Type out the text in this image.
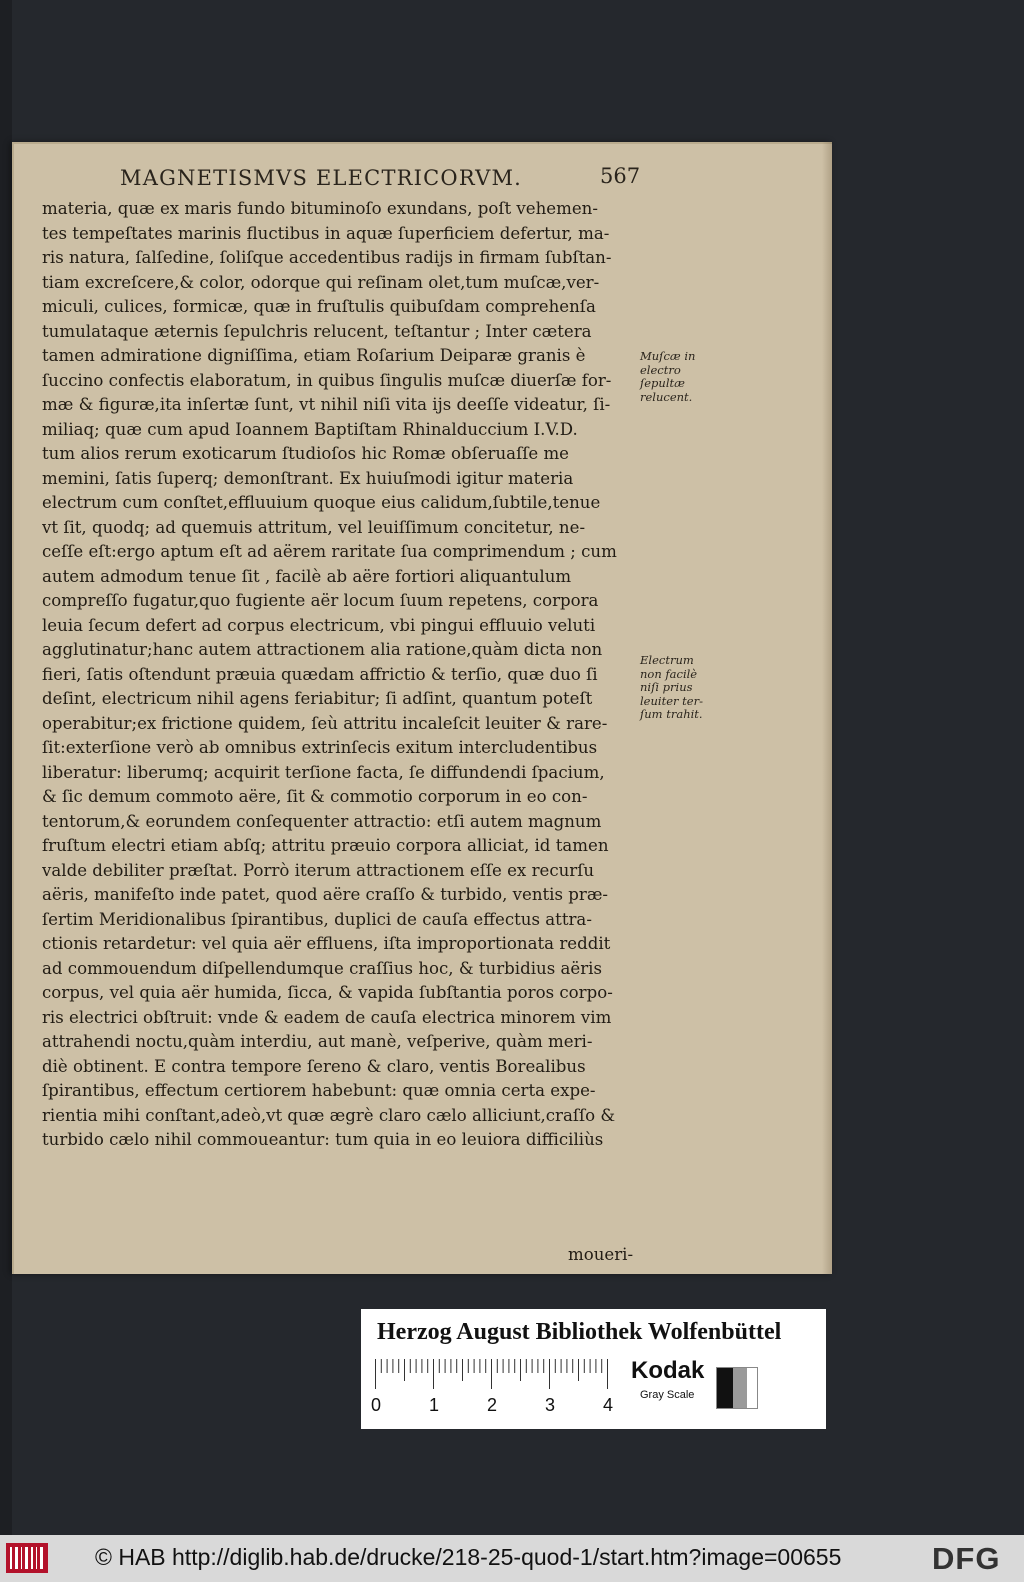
MAGNETISMVS ELECTRICORVM.	567
materia, quæ ex maris fundo bituminoſo exundans, poſt vehemen-
tes tempeſtates marinis fluctibus in aquæ ſuperficiem defertur, ma-
ris natura, ſalſedine, ſoliſque accedentibus radijs in firmam ſubſtan-
tiam excreſcere,& color, odorque qui reſinam olet,tum muſcæ,ver-
miculi, culices, formicæ, quæ in fruſtulis quibuſdam comprehenſa
tumulataque æternis ſepulchris relucent, teſtantur ; Inter cætera
tamen admiratione digniſſima, etiam Roſarium Deiparæ granis è
ſuccino confectis elaboratum, in quibus ſingulis muſcæ diuerſæ for-
mæ & figuræ,ita inſertæ ſunt, vt nihil niſi vita ijs deeſſe videatur, ſi-
miliaq; quæ cum apud Ioannem Baptiſtam Rhinalduccium I.V.D.
tum alios rerum exoticarum ſtudioſos hic Romæ obſeruaſſe me
memini, ſatis ſuperq; demonſtrant. Ex huiuſmodi igitur materia
electrum cum conſtet,effluuium quoque eius calidum,ſubtile,tenue
vt ſit, quodq; ad quemuis attritum, vel leuiſſimum concitetur, ne-
ceſſe eſt:ergo aptum eſt ad aërem raritate ſua comprimendum ; cum
autem admodum tenue ſit , facilè ab aëre fortiori aliquantulum
compreſſo fugatur,quo fugiente aër locum ſuum repetens, corpora
leuia ſecum defert ad corpus electricum, vbi pingui effluuio veluti
agglutinatur;hanc autem attractionem alia ratione,quàm dicta non
fieri, ſatis oſtendunt præuia quædam affrictio & terſio, quæ duo ſi
deſint, electricum nihil agens feriabitur; ſi adſint, quantum poteſt
operabitur;ex frictione quidem, ſeù attritu incaleſcit leuiter & rare-
ſit:exterſione verò ab omnibus extrinſecis exitum intercludentibus
liberatur: liberumq; acquirit terſione facta, ſe diffundendi ſpacium,
& ſic demum commoto aëre, ſit & commotio corporum in eo con-
tentorum,& eorundem conſequenter attractio: etſi autem magnum
fruſtum electri etiam abſq; attritu præuio corpora alliciat, id tamen
valde debiliter præſtat. Porrò iterum attractionem eſſe ex recurſu
aëris, manifeſto inde patet, quod aëre craſſo & turbido, ventis præ-
ſertim Meridionalibus ſpirantibus, duplici de cauſa effectus attra-
ctionis retardetur: vel quia aër effluens, iſta improportionata reddit
ad commouendum diſpellendumque craſſius hoc, & turbidius aëris
corpus, vel quia aër humida, ſicca, & vapida ſubſtantia poros corpo-
ris electrici obſtruit: vnde & eadem de cauſa electrica minorem vim
attrahendi noctu,quàm interdiu, aut manè, veſperive, quàm meri-
diè obtinent. E contra tempore ſereno & claro, ventis Borealibus
ſpirantibus, effectum certiorem habebunt: quæ omnia certa expe-
rientia mihi conſtant,adeò,vt quæ ægrè claro cælo alliciunt,craſſo &
turbido cælo nihil commoueantur: tum quia in eo leuiora difficiliùs
moueri-
Muſcæ in
electro
ſepultæ
relucent.
Electrum
non facilè
niſi prius
leuiter ter-
ſum trahit.
Herzog August Bibliothek Wolfenbüttel
0	1	2	3	4
Kodak
Gray Scale
© HAB http://diglib.hab.de/drucke/218-25-quod-1/start.htm?image=00655	DFG
